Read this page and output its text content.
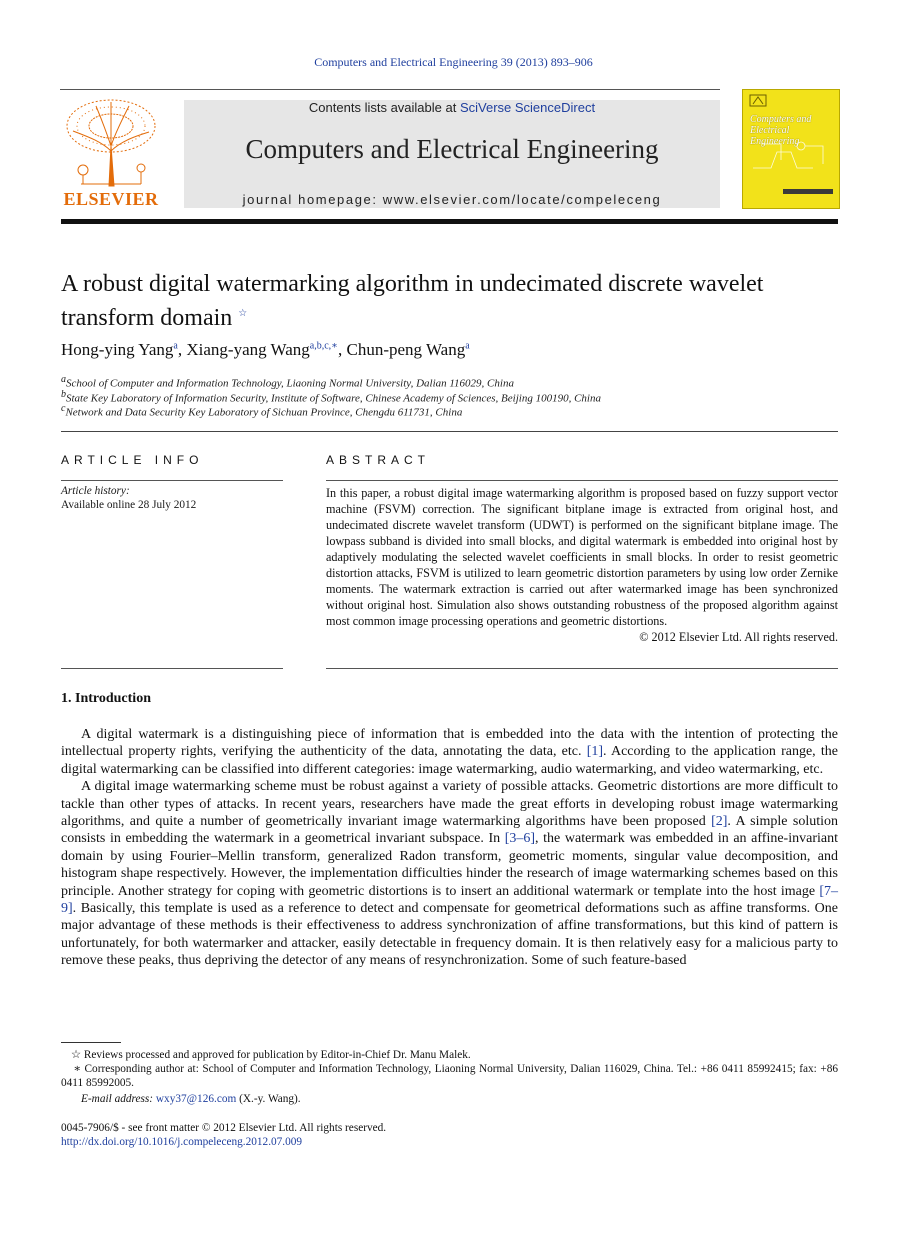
Computers and Electrical Engineering 39 (2013) 893–906
ELSEVIER
Contents lists available at SciVerse ScienceDirect
Computers and Electrical Engineering
journal homepage: www.elsevier.com/locate/compeleceng
Computers and
Electrical Engineering
A robust digital watermarking algorithm in undecimated discrete wavelet transform domain ☆
Hong-ying Yang$^a$, Xiang-yang Wang$^{a,b,c,∗}$, Chun-peng Wang$^a$
$^a$School of Computer and Information Technology, Liaoning Normal University, Dalian 116029, China
$^b$State Key Laboratory of Information Security, Institute of Software, Chinese Academy of Sciences, Beijing 100190, China
$^c$Network and Data Security Key Laboratory of Sichuan Province, Chengdu 611731, China
ARTICLE INFO
Article history:
Available online 28 July 2012
ABSTRACT
In this paper, a robust digital image watermarking algorithm is proposed based on fuzzy support vector machine (FSVM) correction. The significant bitplane image is extracted from original host, and undecimated discrete wavelet transform (UDWT) is performed on the significant bitplane image. The lowpass subband is divided into small blocks, and digital watermark is embedded into original host by adaptively modulating the selected wavelet coefficients in small blocks. In order to resist geometric distortion attacks, FSVM is utilized to learn geometric distortion parameters by using low order Zernike moments. The watermark extraction is carried out after watermarked image has been synchronized without original host. Simulation also shows outstanding robustness of the proposed algorithm against most common image processing operations and geometric distortions.
© 2012 Elsevier Ltd. All rights reserved.
1. Introduction

A digital watermark is a distinguishing piece of information that is embedded into the data with the intention of protecting the intellectual property rights, verifying the authenticity of the data, annotating the data, etc. [1]. According to the application range, the digital watermarking can be classified into different categories: image watermarking, audio watermarking, and video watermarking, etc.

A digital image watermarking scheme must be robust against a variety of possible attacks. Geometric distortions are more difficult to tackle than other types of attacks. In recent years, researchers have made the great efforts in developing robust image watermarking algorithms, and quite a number of geometrically invariant image watermarking algorithms have been proposed [2]. A simple solution consists in embedding the watermark in a geometrical invariant subspace. In [3–6], the watermark was embedded in an affine-invariant domain by using Fourier–Mellin transform, generalized Radon transform, geometric moments, singular value decomposition, and histogram shape respectively. However, the implementation difficulties hinder the research of image watermarking schemes based on this principle. Another strategy for coping with geometric distortions is to insert an additional watermark or template into the host image [7–9]. Basically, this template is used as a reference to detect and compensate for geometrical deformations such as affine transforms. One major advantage of these methods is their effectiveness to address synchronization of affine transformations, but this kind of pattern is unfortunately, for both watermarker and attacker, easily detectable in frequency domain. It is then relatively easy for a malicious party to remove these peaks, thus depriving the detector of any means of resynchronization. Some of such feature-based

☆ Reviews processed and approved for publication by Editor-in-Chief Dr. Manu Malek.
∗ Corresponding author at: School of Computer and Information Technology, Liaoning Normal University, Dalian 116029, China. Tel.: +86 0411 85992415; fax: +86 0411 85992005.
E-mail address: wxy37@126.com (X.-y. Wang).
0045-7906/$ - see front matter © 2012 Elsevier Ltd. All rights reserved.
http://dx.doi.org/10.1016/j.compeleceng.2012.07.009
